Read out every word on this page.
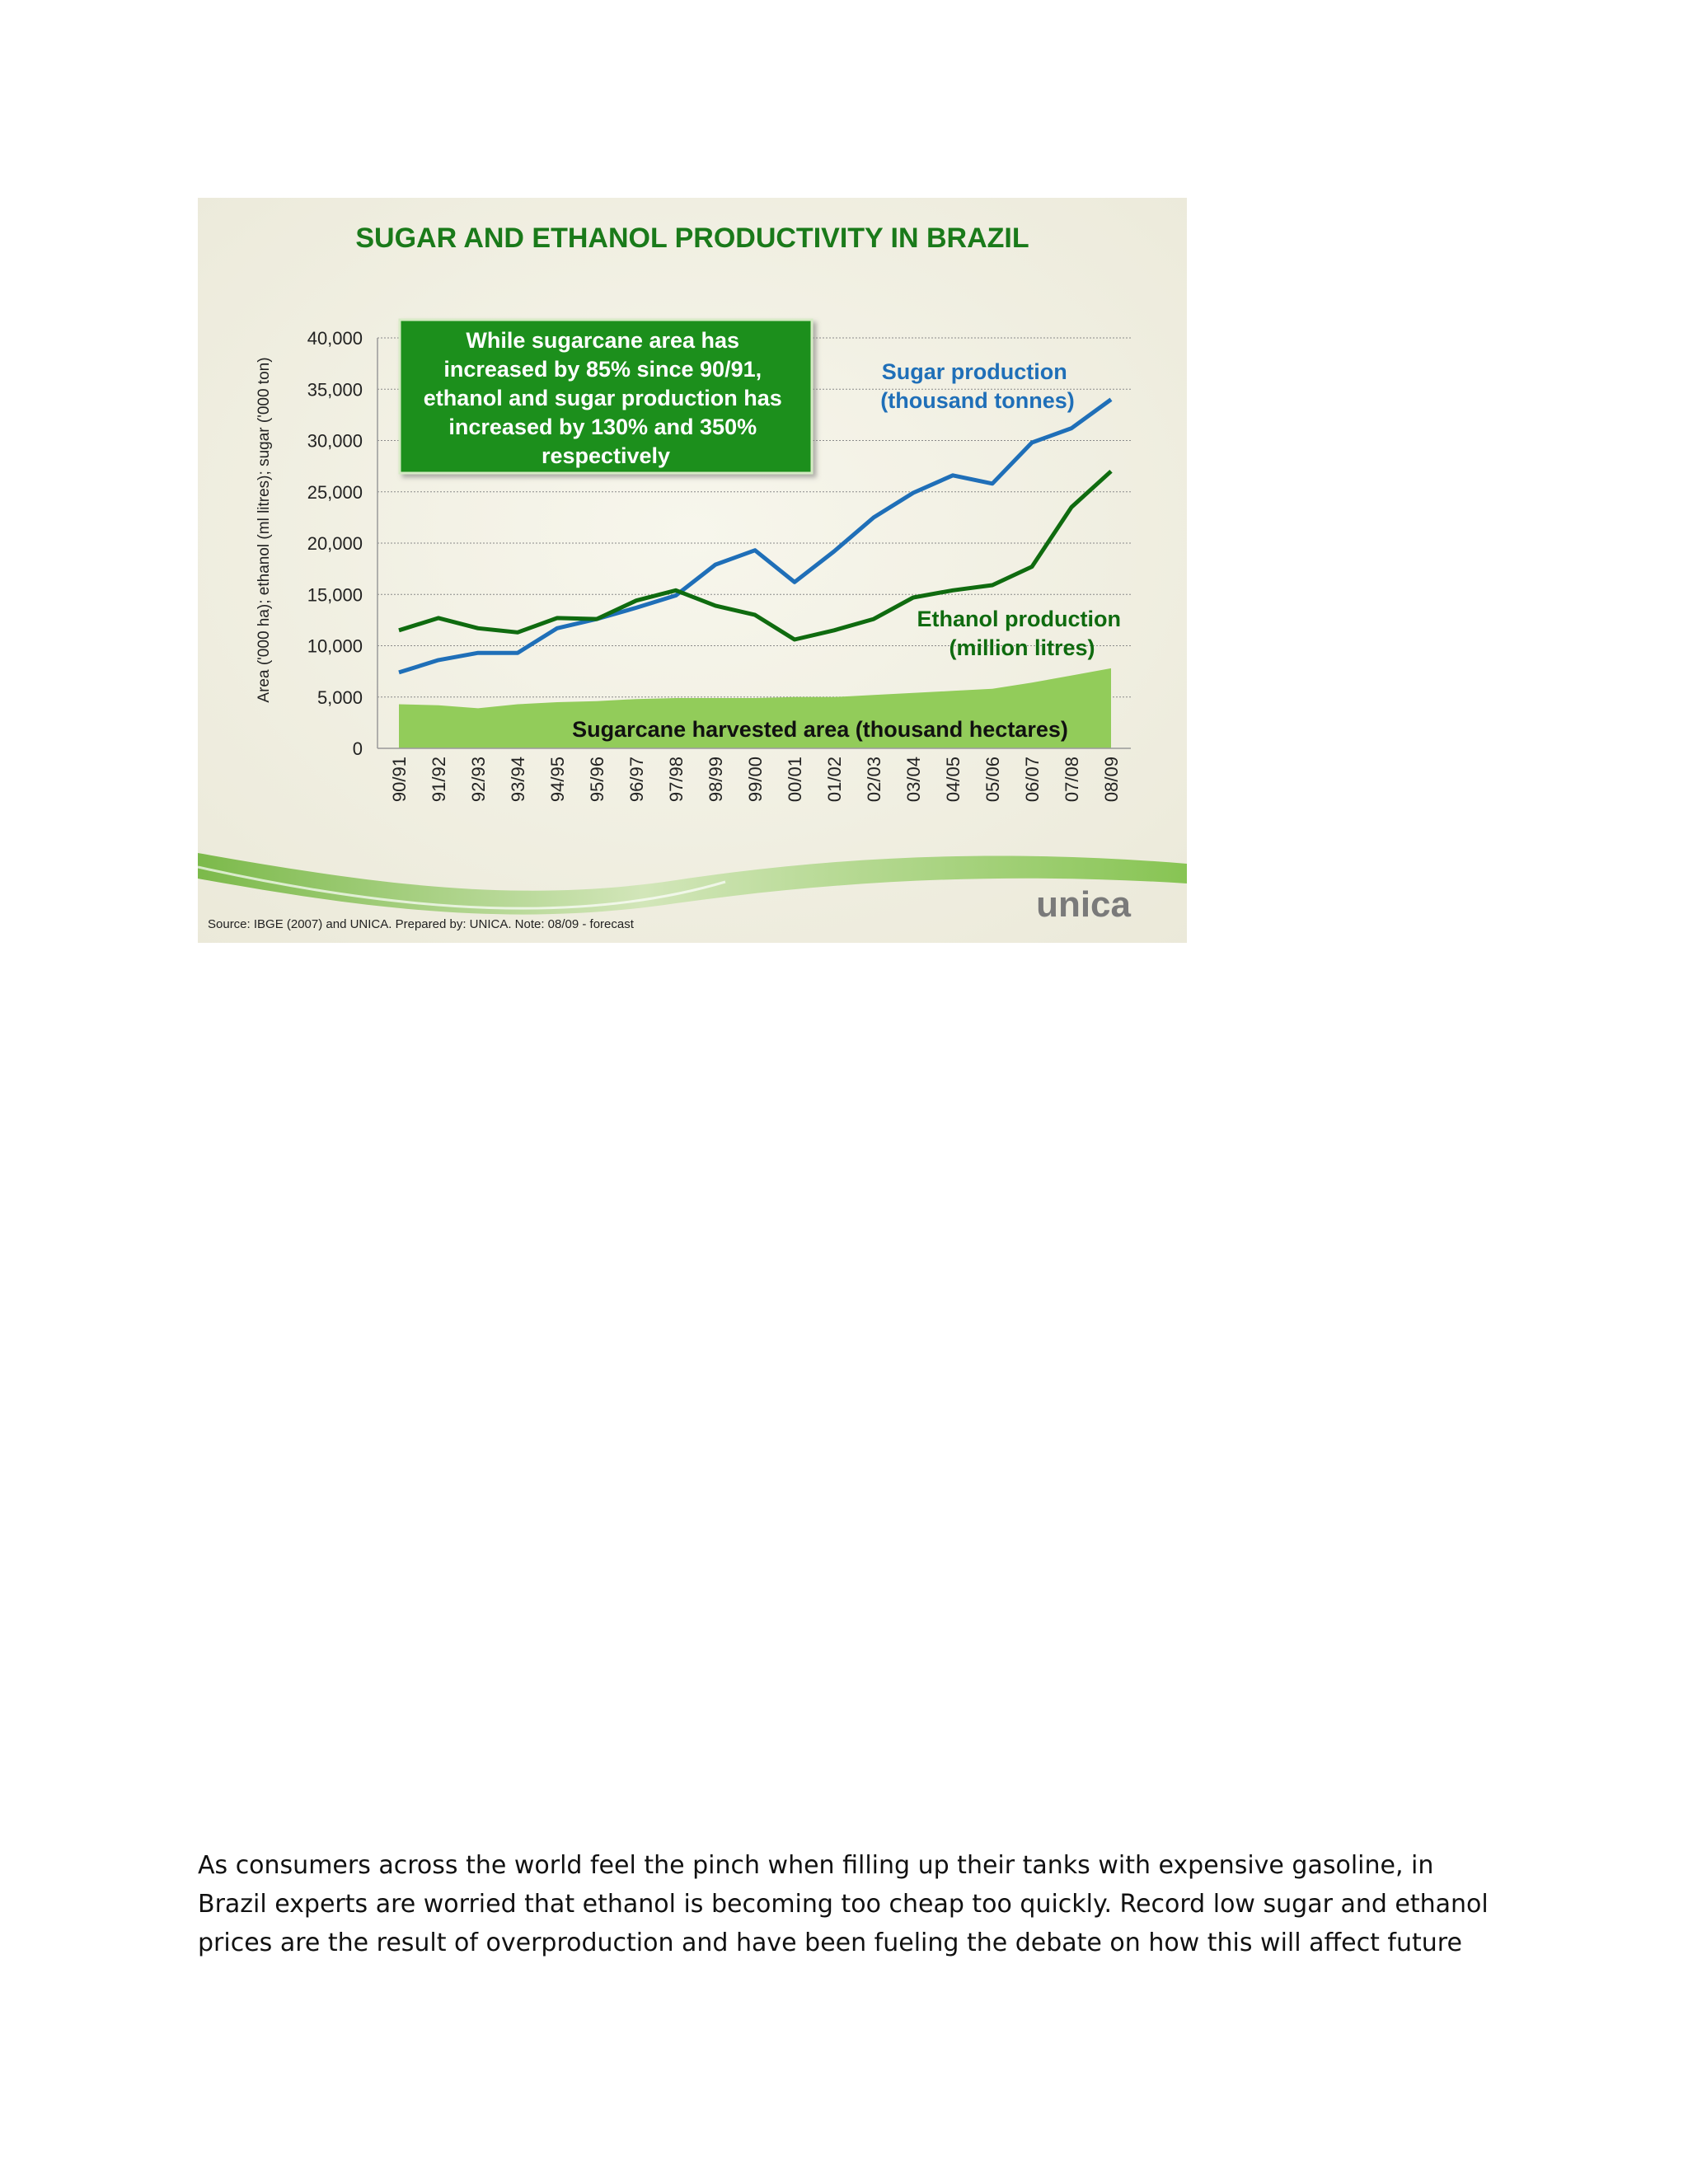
SUGAR AND ETHANOL PRODUCTIVITY IN BRAZIL
Area ('000 ha); ethanol (ml litres); sugar ('000 ton)
0
5,000
10,000
15,000
20,000
25,000
30,000
35,000
40,000
90/91 91/92 92/93 93/94 94/95 95/96 96/97 97/98 98/99 99/00 00/01 01/02 02/03 03/04 04/05 05/06 06/07 07/08 08/09
While sugarcane area has increased by 85% since 90/91, ethanol and sugar production has increased by 130% and 350% respectively
Sugar production (thousand tonnes)
Ethanol production (million litres)
Sugarcane harvested area (thousand hectares)
unica
Source: IBGE (2007) and UNICA. Prepared by: UNICA. Note: 08/09 - forecast
As consumers across the world feel the pinch when filling up their tanks with expensive gasoline, in
Brazil experts are worried that ethanol is becoming too cheap too quickly. Record low sugar and ethanol
prices are the result of overproduction and have been fueling the debate on how this will affect future
